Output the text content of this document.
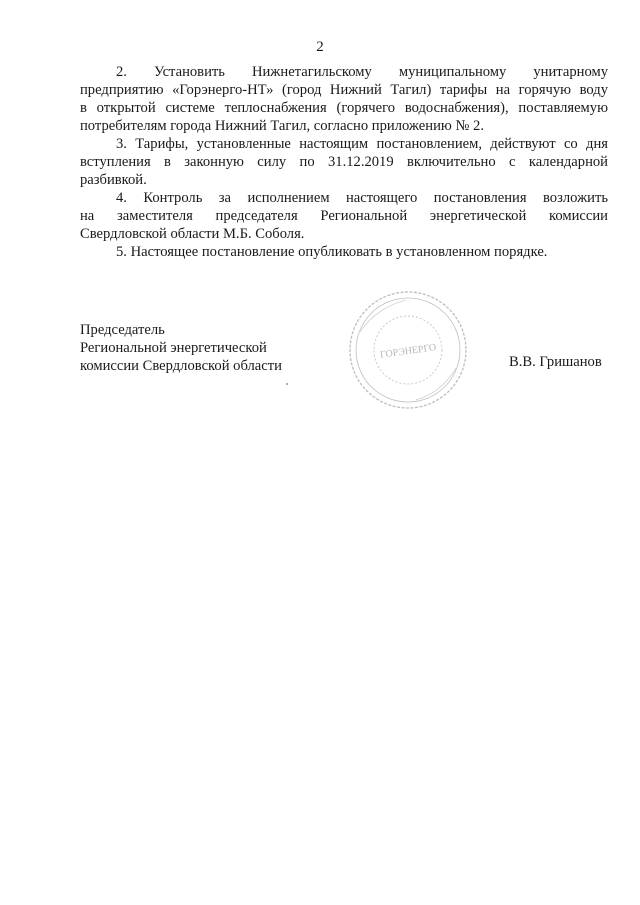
2

2. Установить Нижнетагильскому муниципальному унитарному
предприятию «Горэнерго-НТ» (город Нижний Тагил) тарифы на горячую воду
в открытой системе теплоснабжения (горячего водоснабжения), поставляемую
потребителям города Нижний Тагил, согласно приложению № 2.

3. Тарифы, установленные настоящим постановлением, действуют со дня
вступления в законную силу по 31.12.2019 включительно с календарной
разбивкой.

4. Контроль за исполнением настоящего постановления возложить
на заместителя председателя Региональной энергетической комиссии
Свердловской области М.Б. Соболя.

5. Настоящее постановление опубликовать в установленном порядке.

Председатель
Региональной энергетической
комиссии Свердловской области
ГОРЭНЕРГО
В.В. Гришанов
